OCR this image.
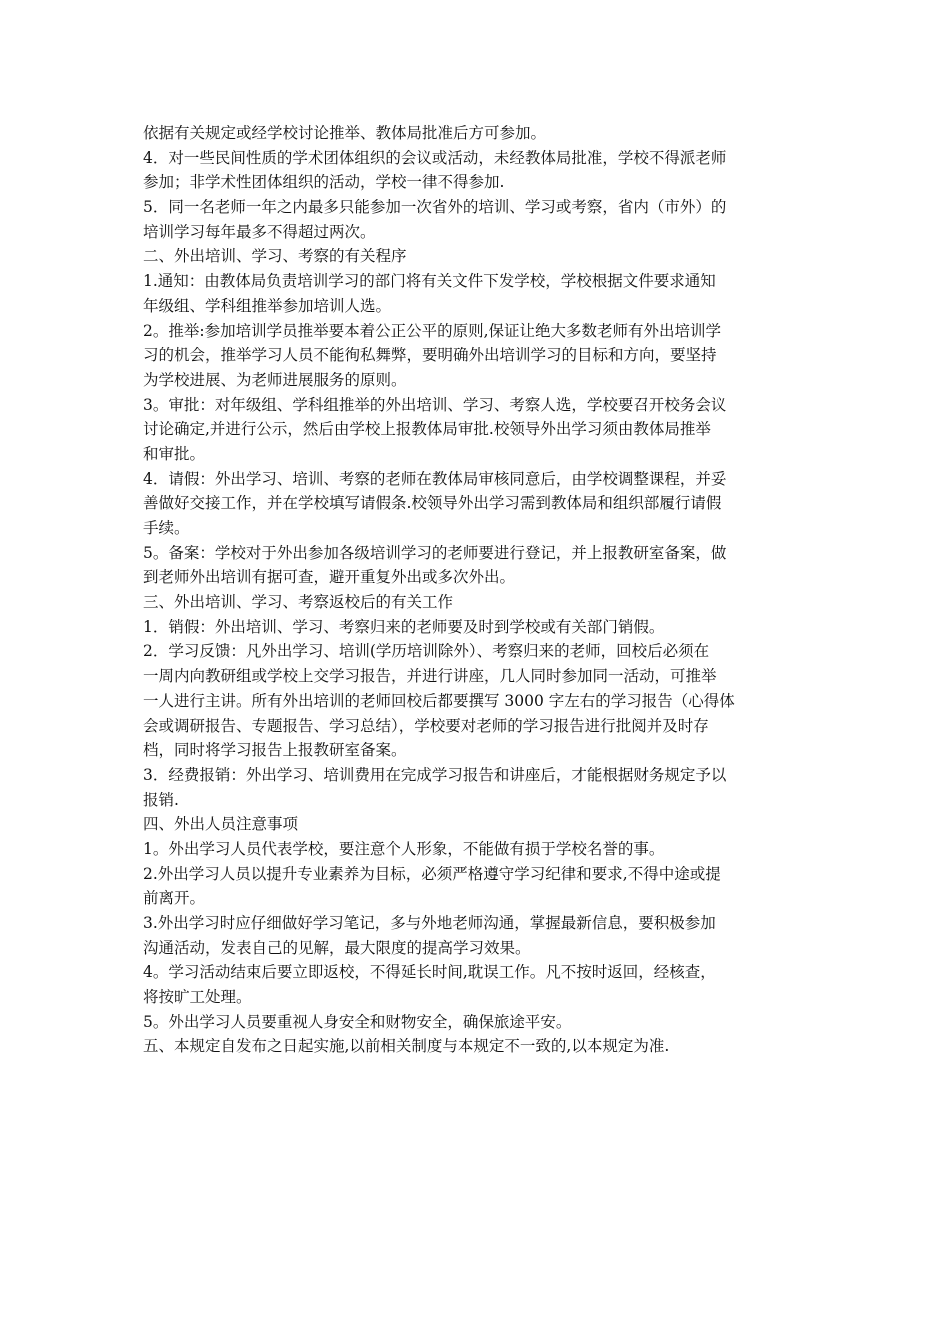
依据有关规定或经学校讨论推举、教体局批准后方可参加。
4．对一些民间性质的学术团体组织的会议或活动，未经教体局批准，学校不得派老师
参加；非学术性团体组织的活动，学校一律不得参加.
5．同一名老师一年之内最多只能参加一次省外的培训、学习或考察，省内（市外）的
培训学习每年最多不得超过两次。
二、外出培训、学习、考察的有关程序
1.通知：由教体局负责培训学习的部门将有关文件下发学校，学校根据文件要求通知
年级组、学科组推举参加培训人选。
2。推举:参加培训学员推举要本着公正公平的原则,保证让绝大多数老师有外出培训学
习的机会，推举学习人员不能徇私舞弊，要明确外出培训学习的目标和方向，要坚持
为学校进展、为老师进展服务的原则。
3。审批：对年级组、学科组推举的外出培训、学习、考察人选，学校要召开校务会议
讨论确定,并进行公示，然后由学校上报教体局审批.校领导外出学习须由教体局推举
和审批。
4．请假：外出学习、培训、考察的老师在教体局审核同意后，由学校调整课程，并妥
善做好交接工作，并在学校填写请假条.校领导外出学习需到教体局和组织部履行请假
手续。
5。备案：学校对于外出参加各级培训学习的老师要进行登记，并上报教研室备案，做
到老师外出培训有据可查，避开重复外出或多次外出。
三、外出培训、学习、考察返校后的有关工作
1．销假：外出培训、学习、考察归来的老师要及时到学校或有关部门销假。
2．学习反馈：凡外出学习、培训(学历培训除外）、考察归来的老师，回校后必须在
一周内向教研组或学校上交学习报告，并进行讲座，几人同时参加同一活动，可推举
一人进行主讲。所有外出培训的老师回校后都要撰写 3000 字左右的学习报告（心得体
会或调研报告、专题报告、学习总结），学校要对老师的学习报告进行批阅并及时存
档，同时将学习报告上报教研室备案。
3．经费报销：外出学习、培训费用在完成学习报告和讲座后，才能根据财务规定予以
报销.
四、外出人员注意事项
1。外出学习人员代表学校，要注意个人形象，不能做有损于学校名誉的事。
2.外出学习人员以提升专业素养为目标，必须严格遵守学习纪律和要求,不得中途或提
前离开。
3.外出学习时应仔细做好学习笔记，多与外地老师沟通，掌握最新信息，要积极参加
沟通活动，发表自己的见解，最大限度的提高学习效果。
4。学习活动结束后要立即返校，不得延长时间,耽误工作。凡不按时返回，经核查，
将按旷工处理。
5。外出学习人员要重视人身安全和财物安全，确保旅途平安。
五、本规定自发布之日起实施,以前相关制度与本规定不一致的,以本规定为准.
